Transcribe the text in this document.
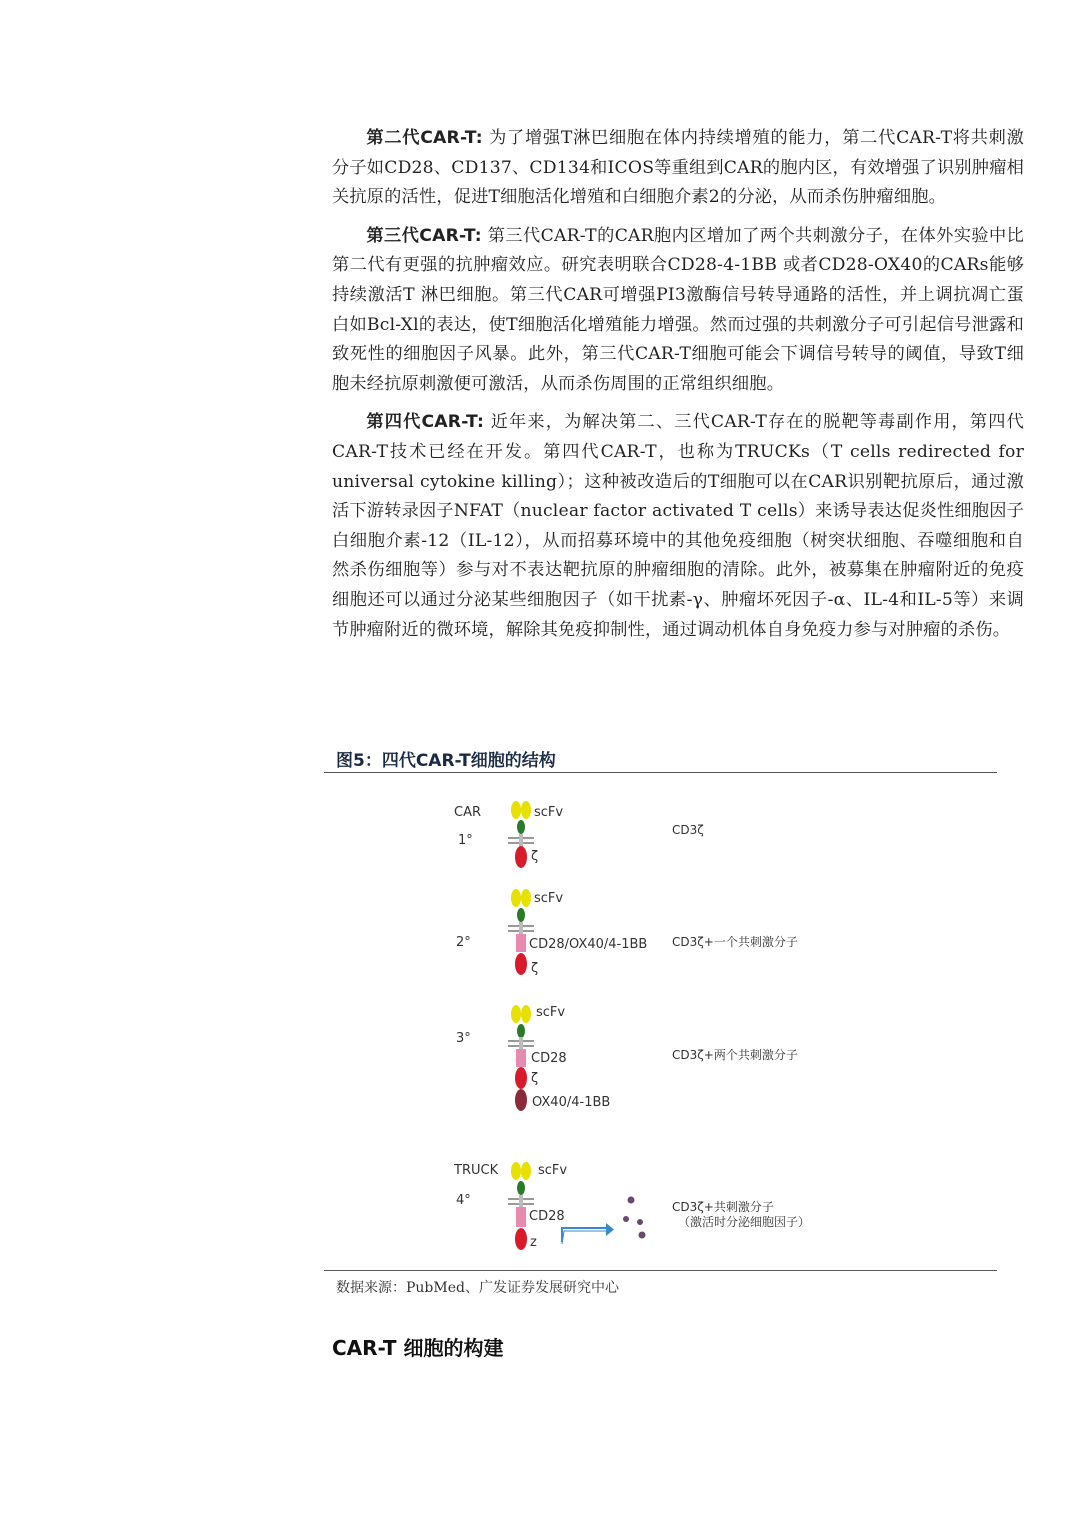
第二代CAR-T: 为了增强T淋巴细胞在体内持续增殖的能力，第二代CAR-T将共刺激分子如CD28、CD137、CD134和ICOS等重组到CAR的胞内区，有效增强了识别肿瘤相关抗原的活性，促进T细胞活化增殖和白细胞介素2的分泌，从而杀伤肿瘤细胞。

第三代CAR-T: 第三代CAR-T的CAR胞内区增加了两个共刺激分子，在体外实验中比第二代有更强的抗肿瘤效应。研究表明联合CD28-4-1BB 或者CD28-OX40的CARs能够持续激活T 淋巴细胞。第三代CAR可增强PI3激酶信号转导通路的活性，并上调抗凋亡蛋白如Bcl-Xl的表达，使T细胞活化增殖能力增强。然而过强的共刺激分子可引起信号泄露和致死性的细胞因子风暴。此外，第三代CAR-T细胞可能会下调信号转导的阈值，导致T细胞未经抗原刺激便可激活，从而杀伤周围的正常组织细胞。

第四代CAR-T: 近年来，为解决第二、三代CAR-T存在的脱靶等毒副作用，第四代CAR-T技术已经在开发。第四代CAR-T，也称为TRUCKs（T cells redirected for universal cytokine killing）；这种被改造后的T细胞可以在CAR识别靶抗原后，通过激活下游转录因子NFAT（nuclear factor activated T cells）来诱导表达促炎性细胞因子白细胞介素-12（IL-12），从而招募环境中的其他免疫细胞（树突状细胞、吞噬细胞和自然杀伤细胞等）参与对不表达靶抗原的肿瘤细胞的清除。此外，被募集在肿瘤附近的免疫细胞还可以通过分泌某些细胞因子（如干扰素-γ、肿瘤坏死因子-α、IL-4和IL-5等）来调节肿瘤附近的微环境，解除其免疫抑制性，通过调动机体自身免疫力参与对肿瘤的杀伤。

图5：四代CAR-T细胞的结构
CAR
1°
scFv
ζ
CD3ζ
2°
scFv
CD28/OX40/4-1BB
ζ
CD3ζ+一个共刺激分子
3°
scFv
CD28
ζ
OX40/4-1BB
CD3ζ+两个共刺激分子
TRUCK
4°
scFv
CD28
z
CD3ζ+共刺激分子
（激活时分泌细胞因子）
数据来源：PubMed、广发证券发展研究中心
CAR-T 细胞的构建
